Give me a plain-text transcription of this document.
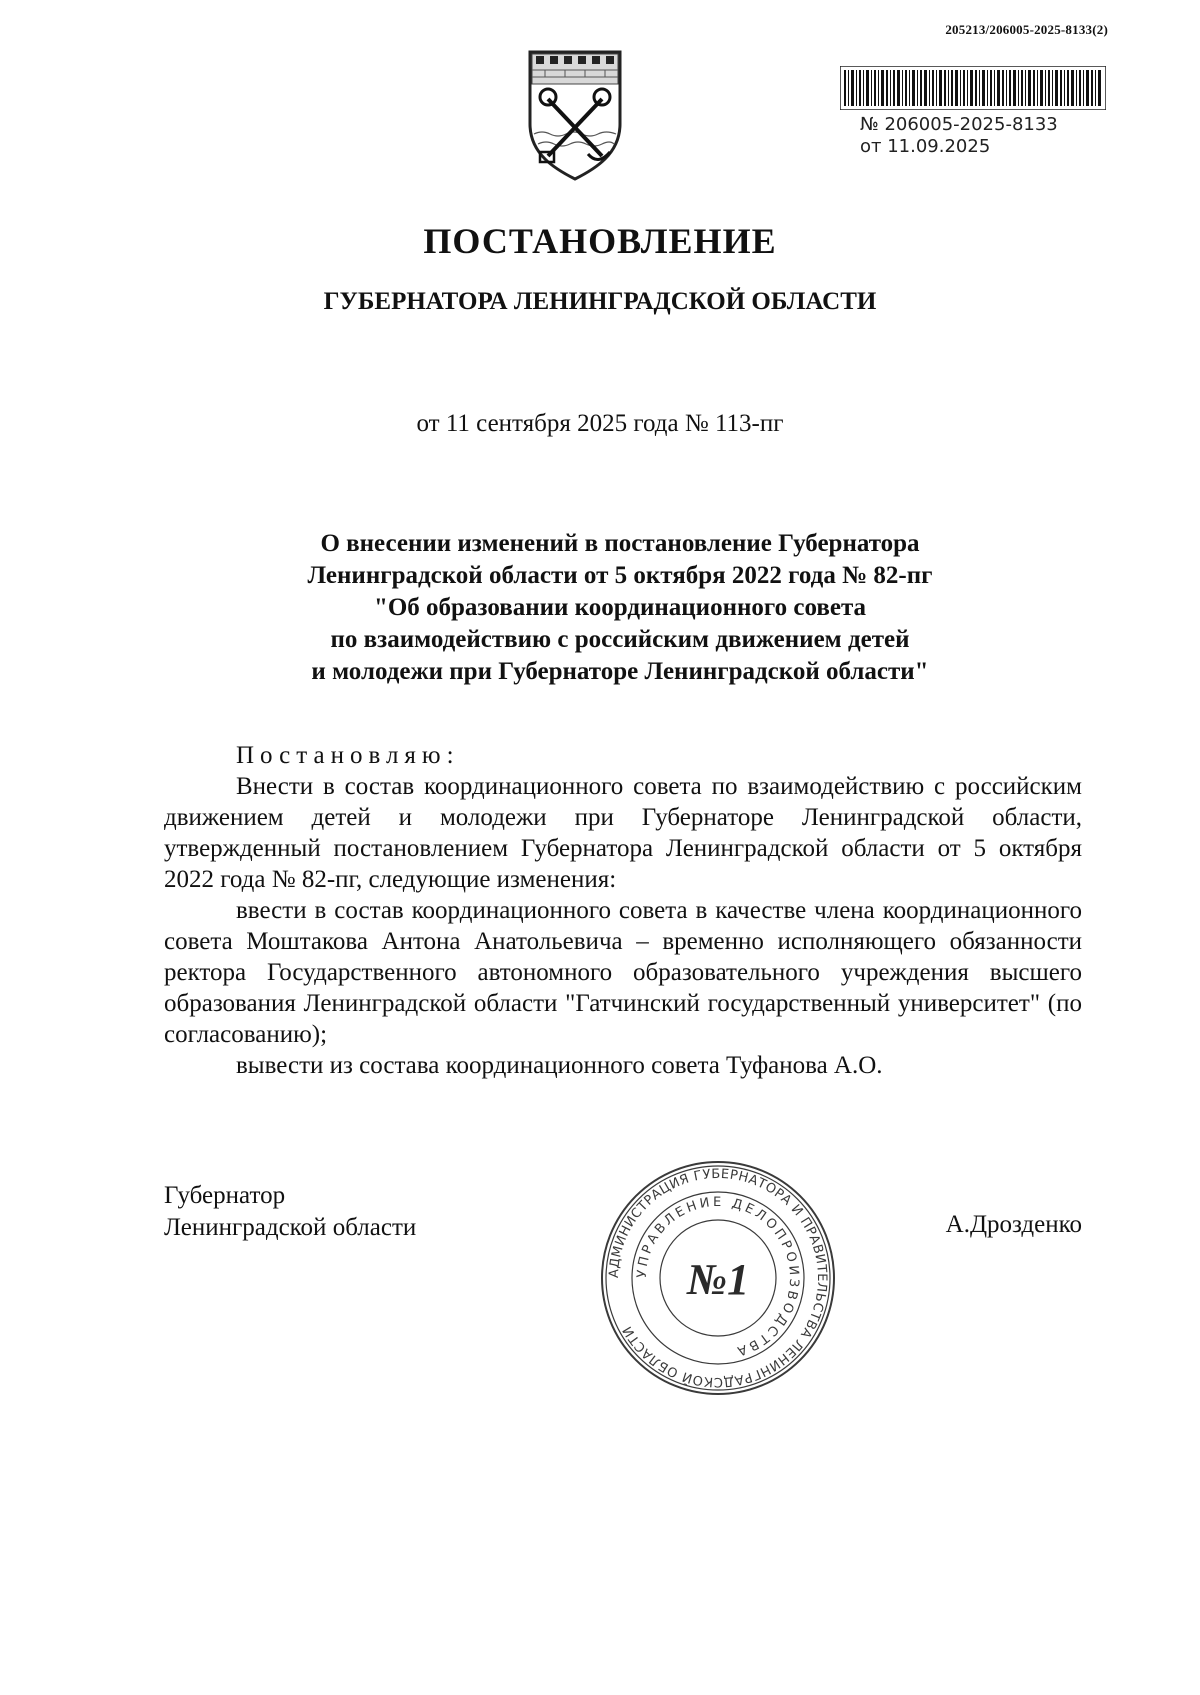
205213/206005-2025-8133(2)
№ 206005-2025-8133
от 11.09.2025
ПОСТАНОВЛЕНИЕ
ГУБЕРНАТОРА ЛЕНИНГРАДСКОЙ ОБЛАСТИ
от 11 сентября 2025 года № 113-пг
О внесении изменений в постановление Губернатора
Ленинградской области от 5 октября 2022 года № 82-пг
"Об образовании координационного совета
по взаимодействию с российским движением детей
и молодежи при Губернаторе Ленинградской области"
Постановляю:

Внести в состав координационного совета по взаимодействию с российским движением детей и молодежи при Губернаторе Ленинградской области, утвержденный постановлением Губернатора Ленинградской области от 5 октября 2022 года № 82-пг, следующие изменения:

ввести в состав координационного совета в качестве члена координационного совета Моштакова Антона Анатольевича – временно исполняющего обязанности ректора Государственного автономного образовательного учреждения высшего образования Ленинградской области "Гатчинский государственный университет" (по согласованию);

вывести из состава координационного совета Туфанова А.О.

Губернатор
Ленинградской области	А.Дрозденко
АДМИНИСТРАЦИЯ ГУБЕРНАТОРА И ПРАВИТЕЛЬСТВА ЛЕНИНГРАДСКОЙ ОБЛАСТИ
УПРАВЛЕНИЕ ДЕЛОПРОИЗВОДСТВА
№1
